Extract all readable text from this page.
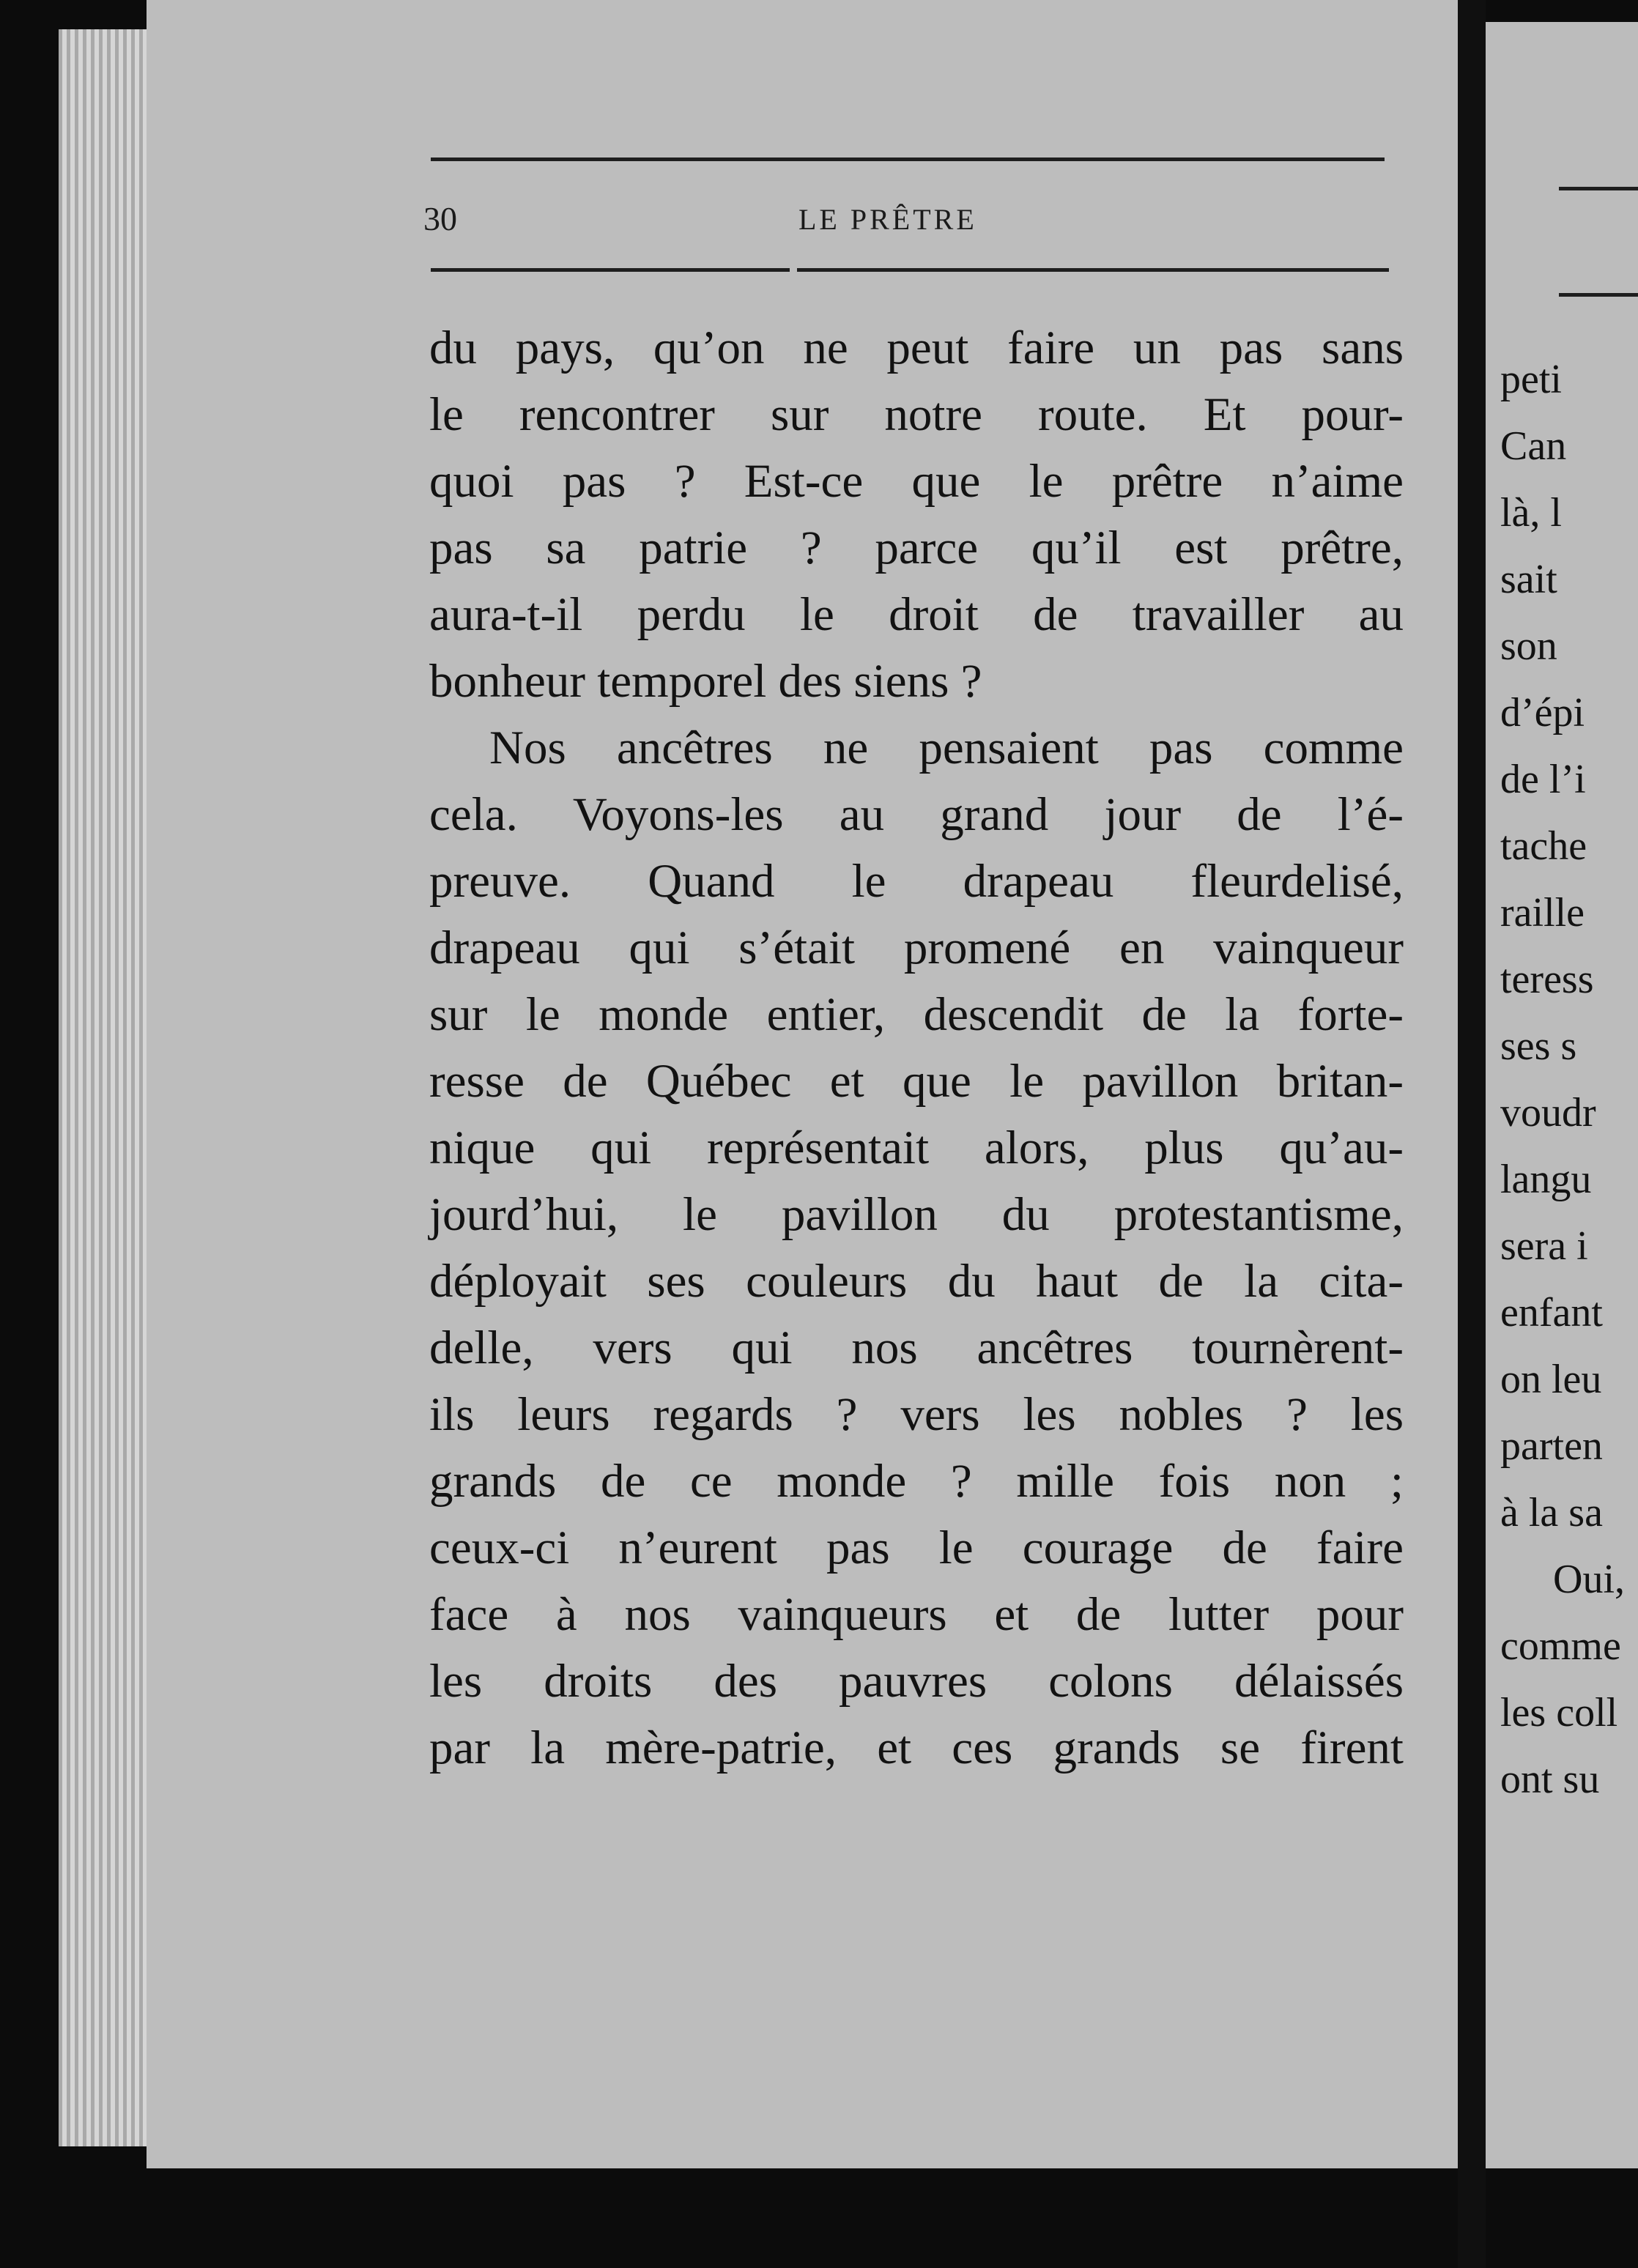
30	LE PRÊTRE

du pays, qu’on ne peut faire un pas sans
le rencontrer sur notre route. Et pour-
quoi pas ? Est-ce que le prêtre n’aime
pas sa patrie ? parce qu’il est prêtre,
aura-t-il perdu le droit de travailler au
bonheur temporel des siens ?
Nos ancêtres ne pensaient pas comme
cela. Voyons-les au grand jour de l’é-
preuve. Quand le drapeau fleurdelisé,
drapeau qui s’était promené en vainqueur
sur le monde entier, descendit de la forte-
resse de Québec et que le pavillon britan-
nique qui représentait alors, plus qu’au-
jourd’hui, le pavillon du protestantisme,
déployait ses couleurs du haut de la cita-
delle, vers qui nos ancêtres tournèrent-
ils leurs regards ? vers les nobles ? les
grands de ce monde ? mille fois non ;
ceux-ci n’eurent pas le courage de faire
face à nos vainqueurs et de lutter pour
les droits des pauvres colons délaissés
par la mère-patrie, et ces grands se firent
peti
Can
là, l
sait
son
d’épi
de l’i
tache
raille
teress
ses s
voudr
langu
sera i
enfant
on leu
parten
à la sa
Oui,
comme
les coll
ont su
